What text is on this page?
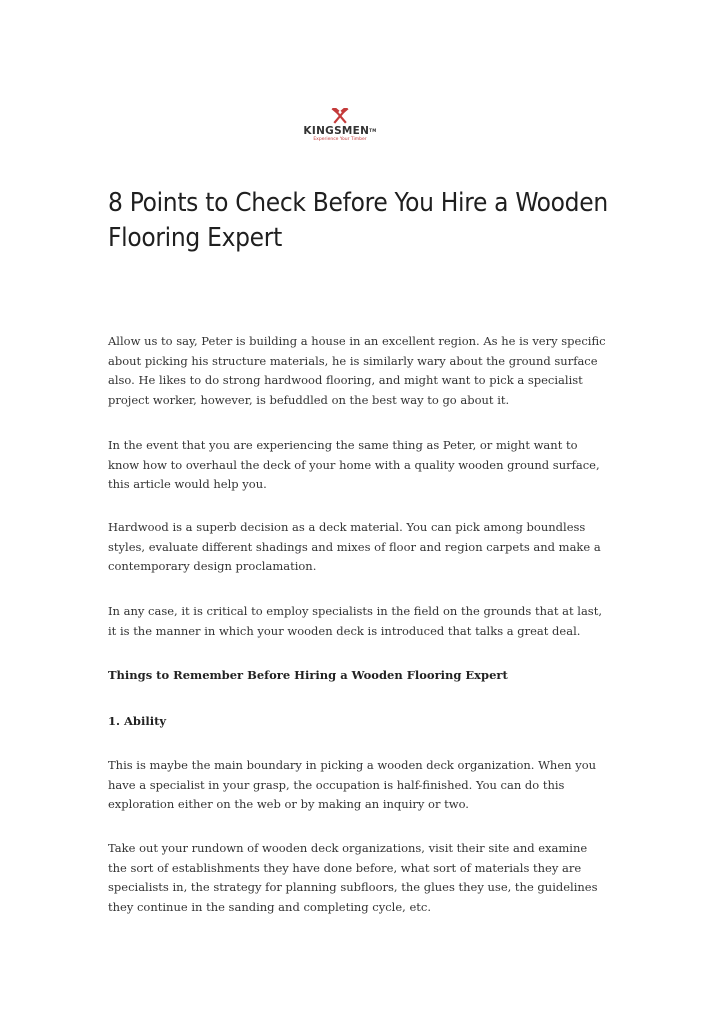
KINGSMEN™
Experience Your Timber
8 Points to Check Before You Hire a Wooden Flooring Expert

Allow us to say, Peter is building a house in an excellent region. As he is very specific about picking his structure materials, he is similarly wary about the ground surface also. He likes to do strong hardwood flooring, and might want to pick a specialist project worker, however, is befuddled on the best way to go about it.

In the event that you are experiencing the same thing as Peter, or might want to know how to overhaul the deck of your home with a quality wooden ground surface, this article would help you.

Hardwood is a superb decision as a deck material. You can pick among boundless styles, evaluate different shadings and mixes of floor and region carpets and make a contemporary design proclamation.

In any case, it is critical to employ specialists in the field on the grounds that at last, it is the manner in which your wooden deck is introduced that talks a great deal.

Things to Remember Before Hiring a Wooden Flooring Expert

1. Ability

This is maybe the main boundary in picking a wooden deck organization. When you have a specialist in your grasp, the occupation is half-finished. You can do this exploration either on the web or by making an inquiry or two.

Take out your rundown of wooden deck organizations, visit their site and examine the sort of establishments they have done before, what sort of materials they are specialists in, the strategy for planning subfloors, the glues they use, the guidelines they continue in the sanding and completing cycle, etc.
